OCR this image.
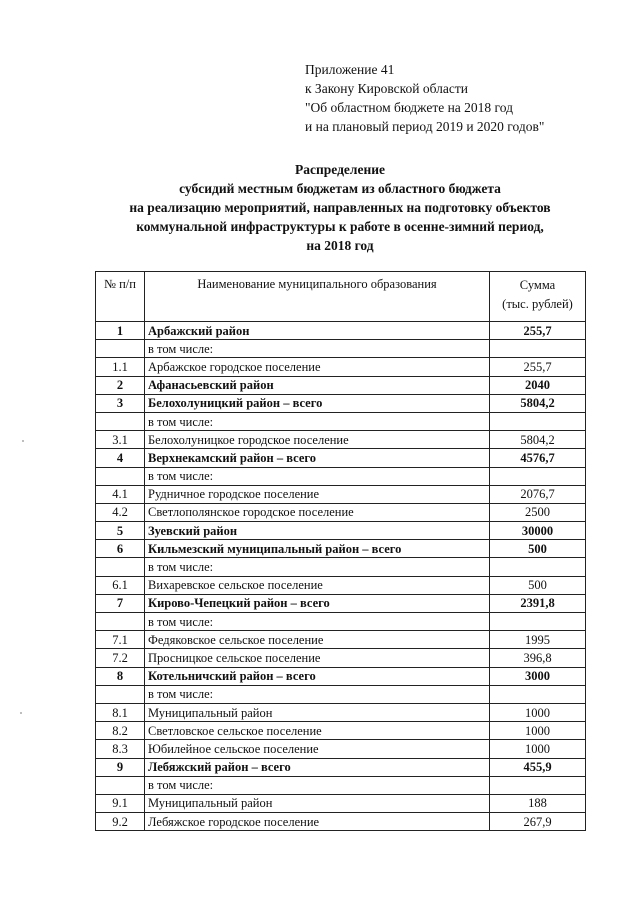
Приложение 41
к Закону Кировской области
"Об областном бюджете на 2018 год
и на плановый период 2019 и 2020 годов"
Распределение
субсидий местным бюджетам из областного бюджета
на реализацию мероприятий, направленных на подготовку объектов
коммунальной инфраструктуры к работе в осенне-зимний период,
на 2018 год
№ п/п	Наименование муниципального образования	Сумма
(тыс. рублей)

1	Арбажский район	255,7
	в том числе:	
1.1	Арбажское городское поселение	255,7
2	Афанасьевский район	2040
3	Белохолуницкий район – всего	5804,2
	в том числе:	
3.1	Белохолуницкое городское поселение	5804,2
4	Верхнекамский район – всего	4576,7
	в том числе:	
4.1	Рудничное городское поселение	2076,7
4.2	Светлополянское городское поселение	2500
5	Зуевский район	30000
6	Кильмезский муниципальный район – всего	500
	в том числе:	
6.1	Вихаревское сельское поселение	500
7	Кирово-Чепецкий район – всего	2391,8
	в том числе:	
7.1	Федяковское сельское поселение	1995
7.2	Просницкое сельское поселение	396,8
8	Котельничский район – всего	3000
	в том числе:	
8.1	Муниципальный район	1000
8.2	Светловское сельское поселение	1000
8.3	Юбилейное сельское поселение	1000
9	Лебяжский район – всего	455,9
	в том числе:	
9.1	Муниципальный район	188
9.2	Лебяжское городское поселение	267,9
